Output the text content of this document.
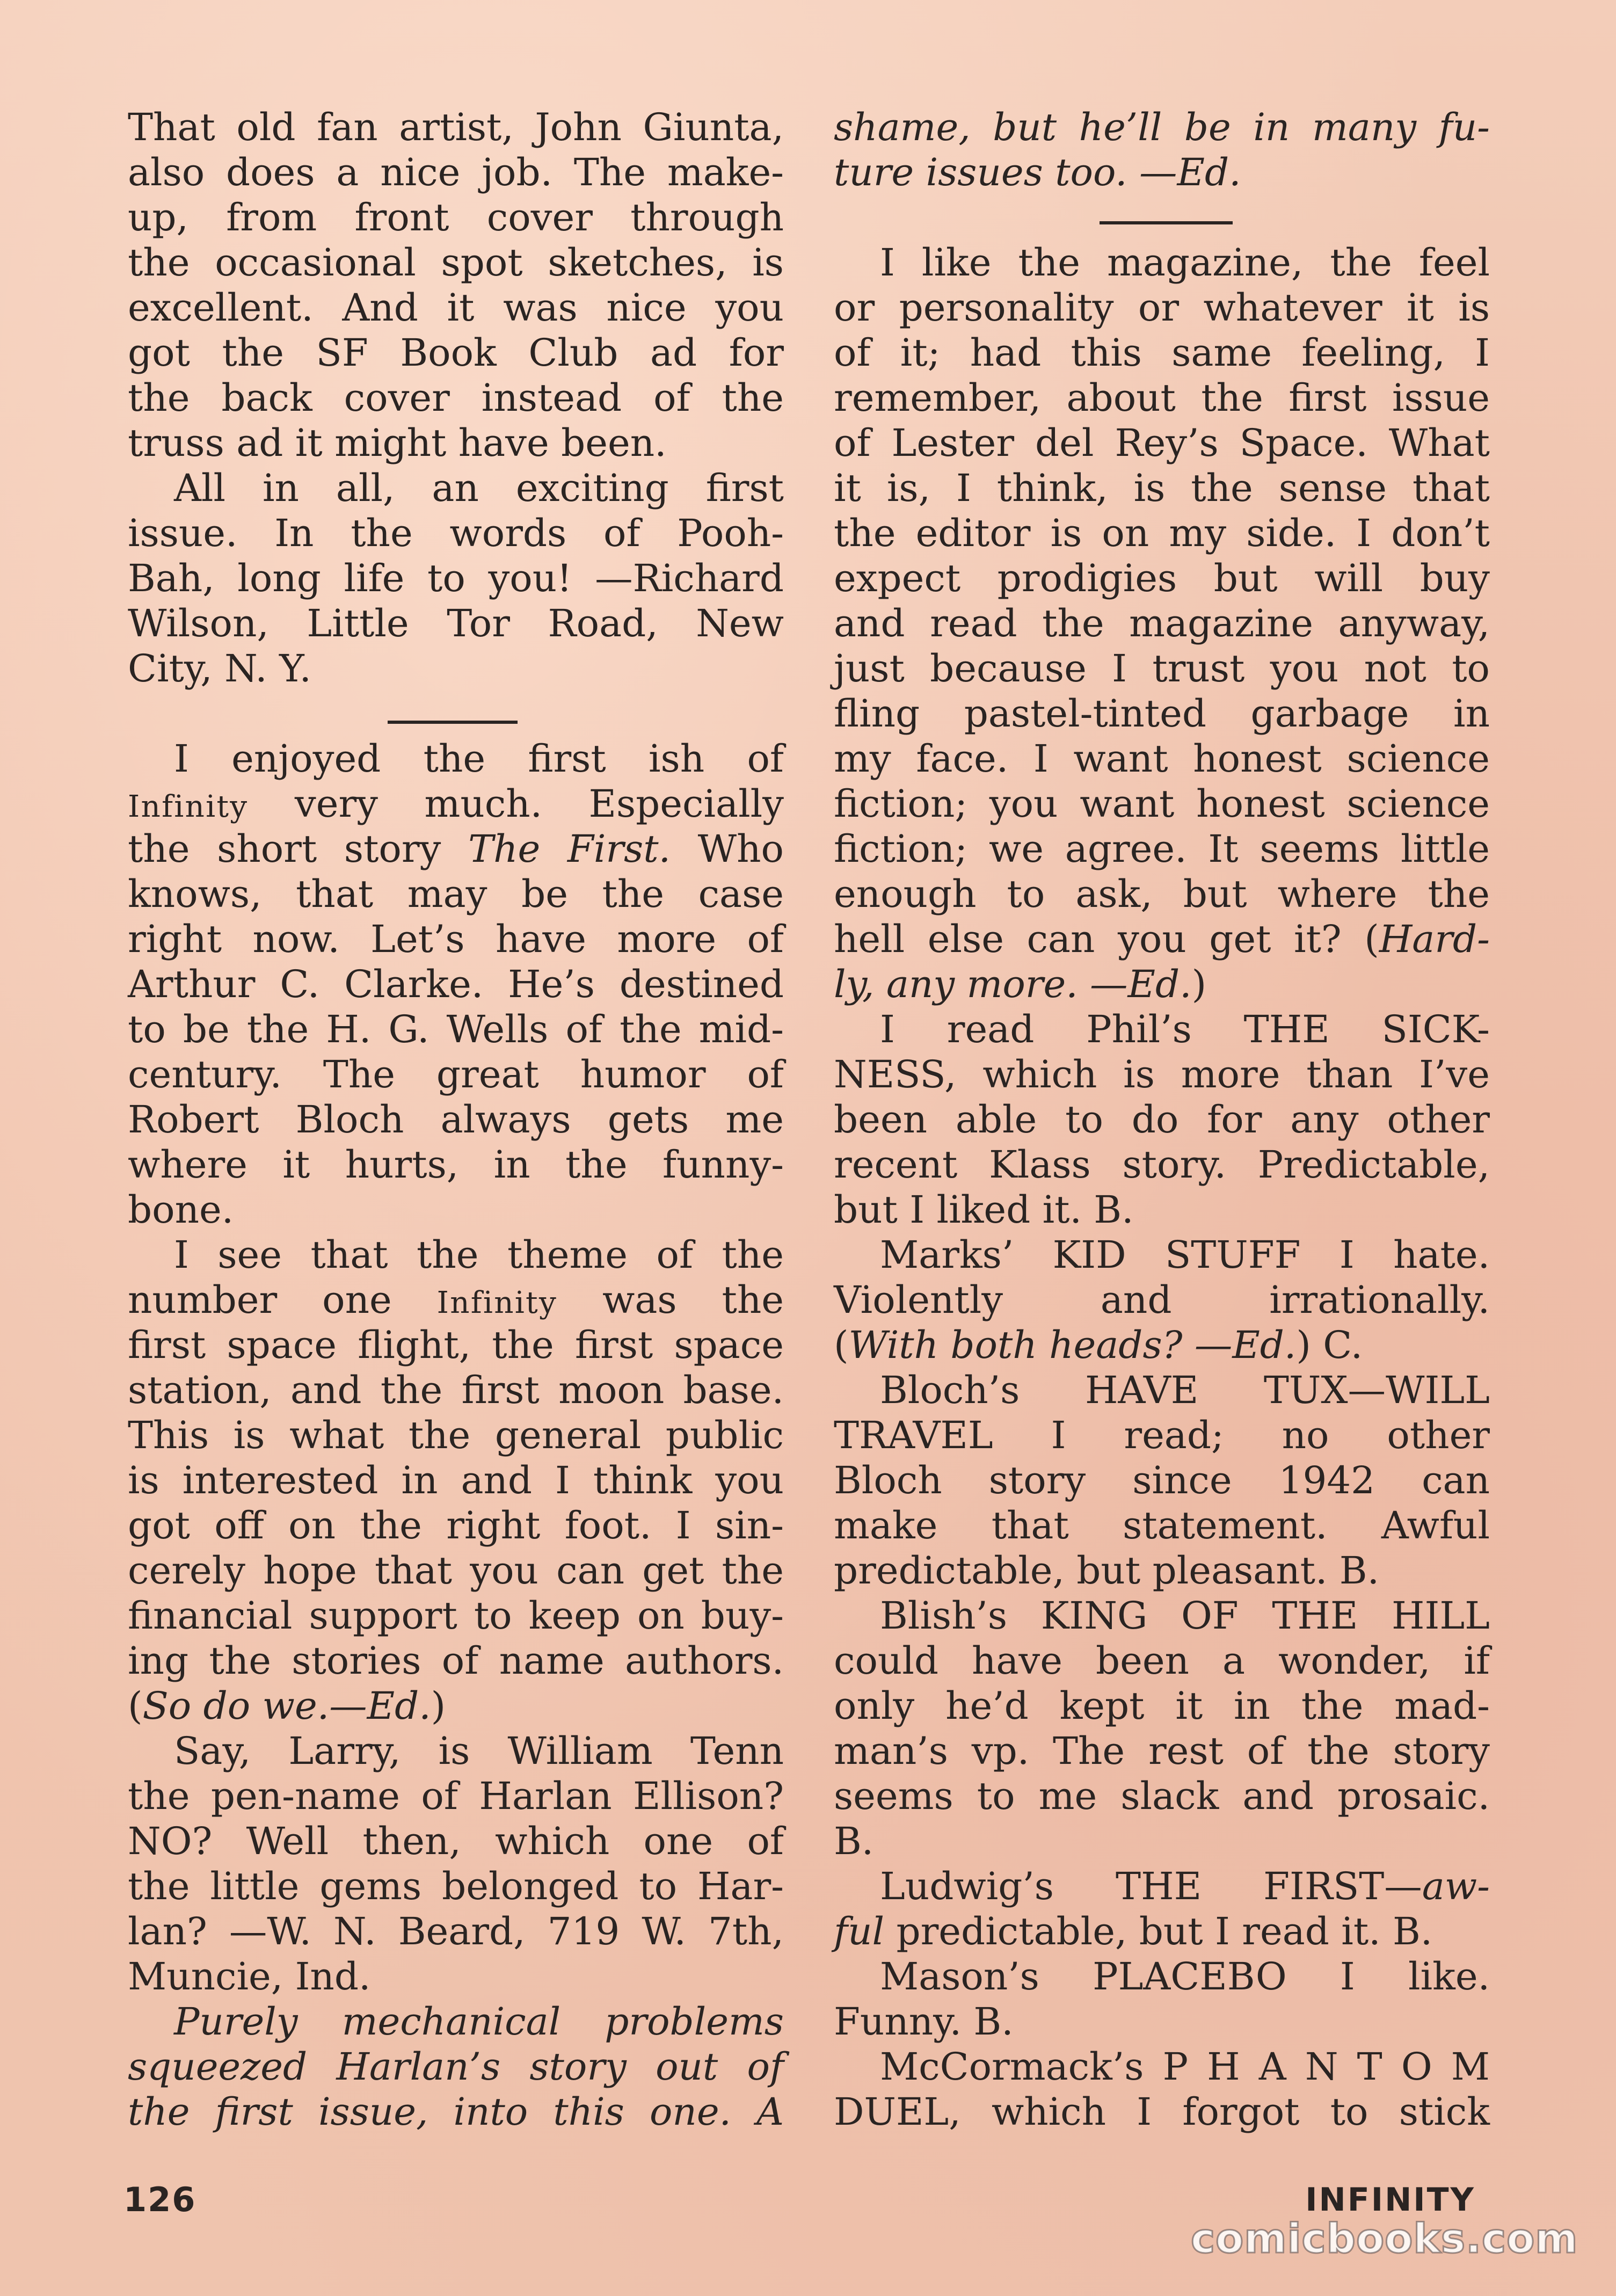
That old fan artist, John Giunta,
also does a nice job. The make-
up, from front cover through
the occasional spot sketches, is
excellent. And it was nice you
got the SF Book Club ad for
the back cover instead of the
truss ad it might have been.
All in all, an exciting first
issue. In the words of Pooh-
Bah, long life to you! —Richard
Wilson, Little Tor Road, New
City, N. Y.
I enjoyed the first ish of
Infinity very much. Especially
the short story The First. Who
knows, that may be the case
right now. Let’s have more of
Arthur C. Clarke. He’s destined
to be the H. G. Wells of the mid-
century. The great humor of
Robert Bloch always gets me
where it hurts, in the funny-
bone.
I see that the theme of the
number one Infinity was the
first space flight, the first space
station, and the first moon base.
This is what the general public
is interested in and I think you
got off on the right foot. I sin-
cerely hope that you can get the
financial support to keep on buy-
ing the stories of name authors.
(So do we.—Ed.)
Say, Larry, is William Tenn
the pen-name of Harlan Ellison?
NO? Well then, which one of
the little gems belonged to Har-
lan? —W. N. Beard, 719 W. 7th,
Muncie, Ind.
Purely mechanical problems
squeezed Harlan’s story out of
the first issue, into this one. A
shame, but he’ll be in many fu-
ture issues too. —Ed.
I like the magazine, the feel
or personality or whatever it is
of it; had this same feeling, I
remember, about the first issue
of Lester del Rey’s Space. What
it is, I think, is the sense that
the editor is on my side. I don’t
expect prodigies but will buy
and read the magazine anyway,
just because I trust you not to
fling pastel-tinted garbage in
my face. I want honest science
fiction; you want honest science
fiction; we agree. It seems little
enough to ask, but where the
hell else can you get it? (Hard-
ly, any more. —Ed.)
I read Phil’s THE SICK-
NESS, which is more than I’ve
been able to do for any other
recent Klass story. Predictable,
but I liked it. B.
Marks’ KID STUFF I hate.
Violently and irrationally.
(With both heads? —Ed.) C.
Bloch’s HAVE TUX—WILL
TRAVEL I read; no other
Bloch story since 1942 can
make that statement. Awful
predictable, but pleasant. B.
Blish’s KING OF THE HILL
could have been a wonder, if
only he’d kept it in the mad-
man’s vp. The rest of the story
seems to me slack and prosaic.
B.
Ludwig’s THE FIRST—aw-
ful predictable, but I read it. B.
Mason’s PLACEBO I like.
Funny. B.
McCormack’s P H A N T O M
DUEL, which I forgot to stick
126	INFINITY
comicbooks.com
